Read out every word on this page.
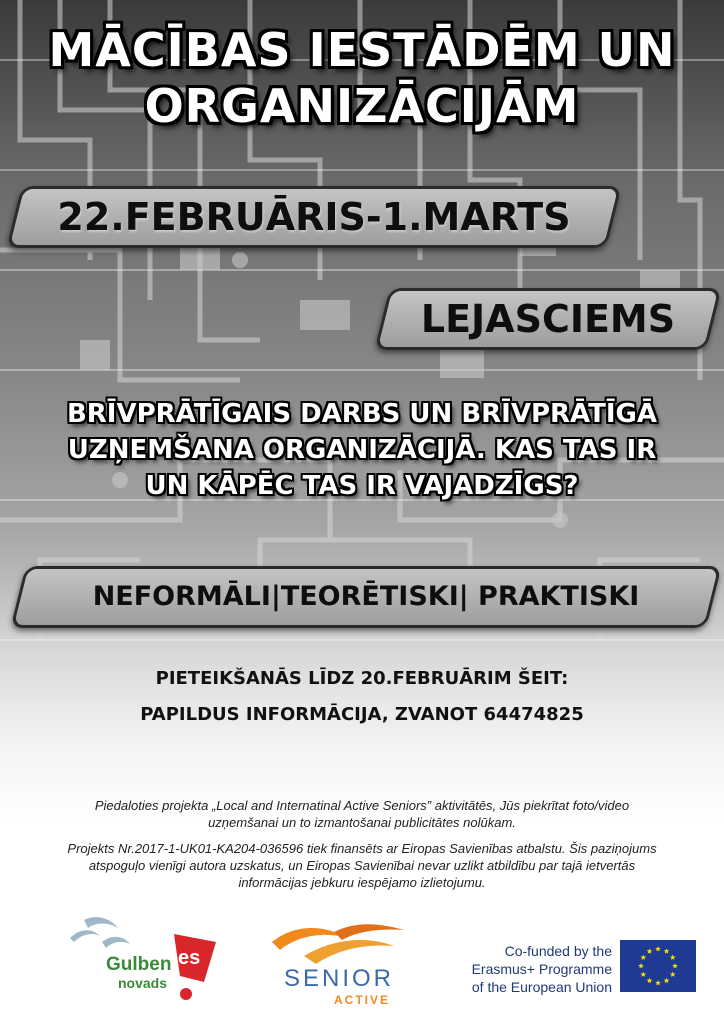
MĀCĪBAS IESTĀDĒM UN
ORGANIZĀCIJĀM
22.FEBRUĀRIS-1.MARTS
LEJASCIEMS
BRĪVPRĀTĪGAIS DARBS UN BRĪVPRĀTĪGĀ
UZŅEMŠANA ORGANIZĀCIJĀ. KAS TAS IR
UN KĀPĒC TAS IR VAJADZĪGS?
NEFORMĀLI|TEORĒTISKI| PRAKTISKI
PIETEIKŠANĀS LĪDZ 20.FEBRUĀRIM ŠEIT:
PAPILDUS INFORMĀCIJA, ZVANOT 64474825
Piedaloties projekta „Local and Internatinal Active Seniors” aktivitātēs, Jūs piekrītat foto/video
uzņemšanai un to izmantošanai publicitātes nolūkam.
Projekts Nr.2017-1-UK01-KA204-036596 tiek finansēts ar Eiropas Savienības atbalstu. Šis paziņojums
atspoguļo vienīgi autora uzskatus, un Eiropas Savienībai nevar uzlikt atbildību par tajā ietvertās
informācijas jebkuru iespējamo izlietojumu.
Gulben
novads
es
SENIOR
ACTIVE
Co-funded by the
Erasmus+ Programme
of the European Union
